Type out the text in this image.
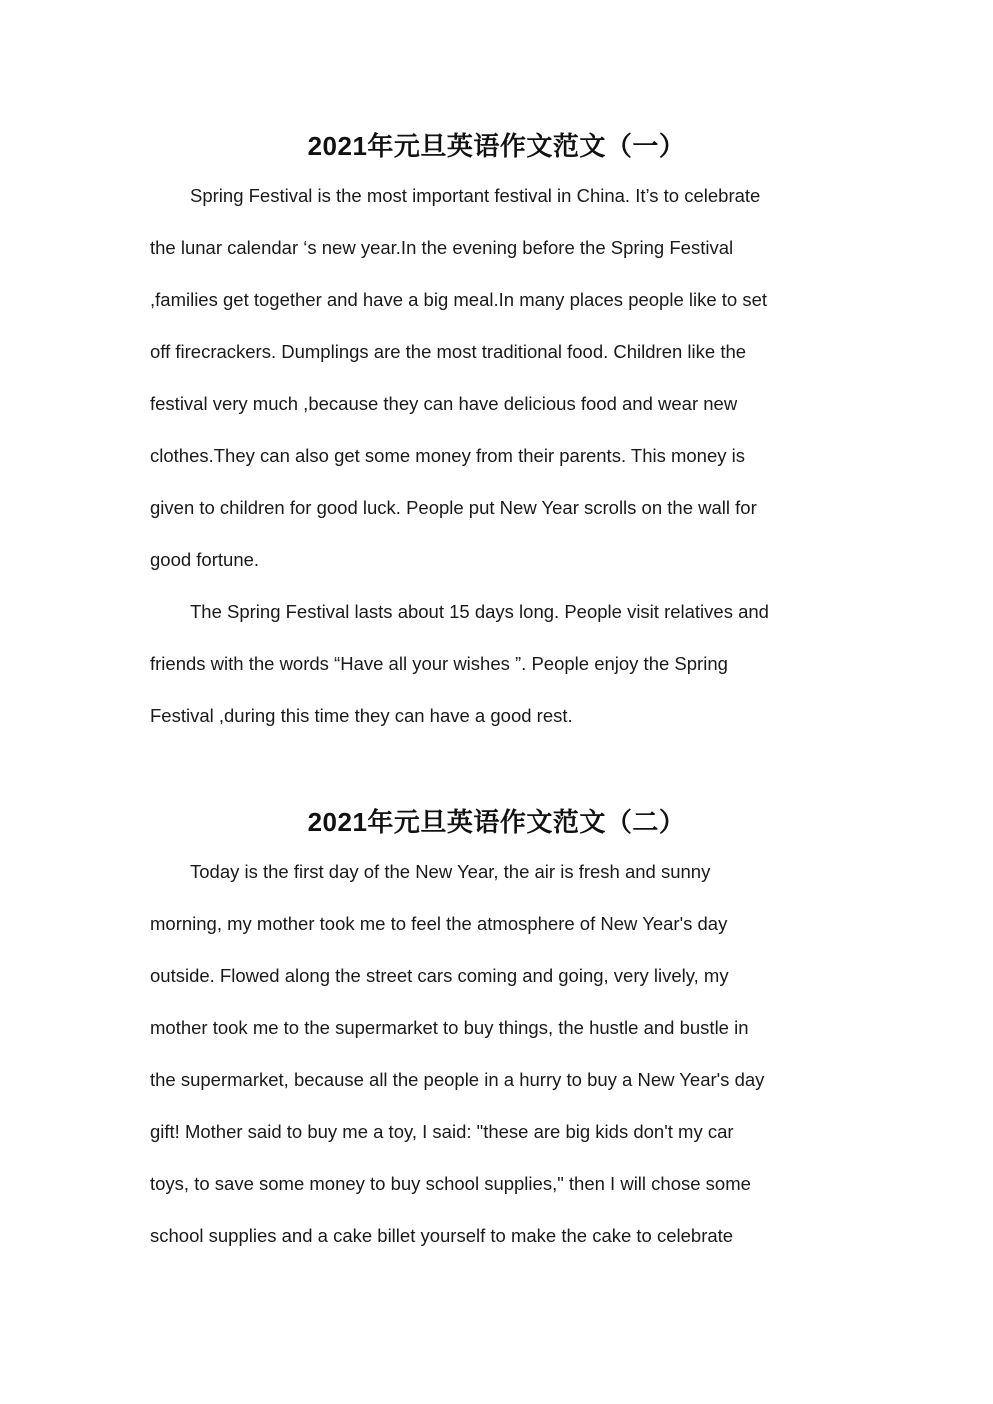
2021年元旦英语作文范文（一）
Spring Festival is the most important festival in China. It’s to celebrate
the lunar calendar ‘s new year.In the evening before the Spring Festival
,families get together and have a big meal.In many places people like to set
off firecrackers. Dumplings are the most traditional food. Children like the
festival very much ,because they can have delicious food and wear new
clothes.They can also get some money from their parents. This money is
given to children for good luck. People put New Year scrolls on the wall for
good fortune.
The Spring Festival lasts about 15 days long. People visit relatives and
friends with the words “Have all your wishes ”. People enjoy the Spring
Festival ,during this time they can have a good rest.
2021年元旦英语作文范文（二）
Today is the first day of the New Year, the air is fresh and sunny
morning, my mother took me to feel the atmosphere of New Year's day
outside. Flowed along the street cars coming and going, very lively, my
mother took me to the supermarket to buy things, the hustle and bustle in
the supermarket, because all the people in a hurry to buy a New Year's day
gift! Mother said to buy me a toy, I said: "these are big kids don't my car
toys, to save some money to buy school supplies," then I will chose some
school supplies and a cake billet yourself to make the cake to celebrate
